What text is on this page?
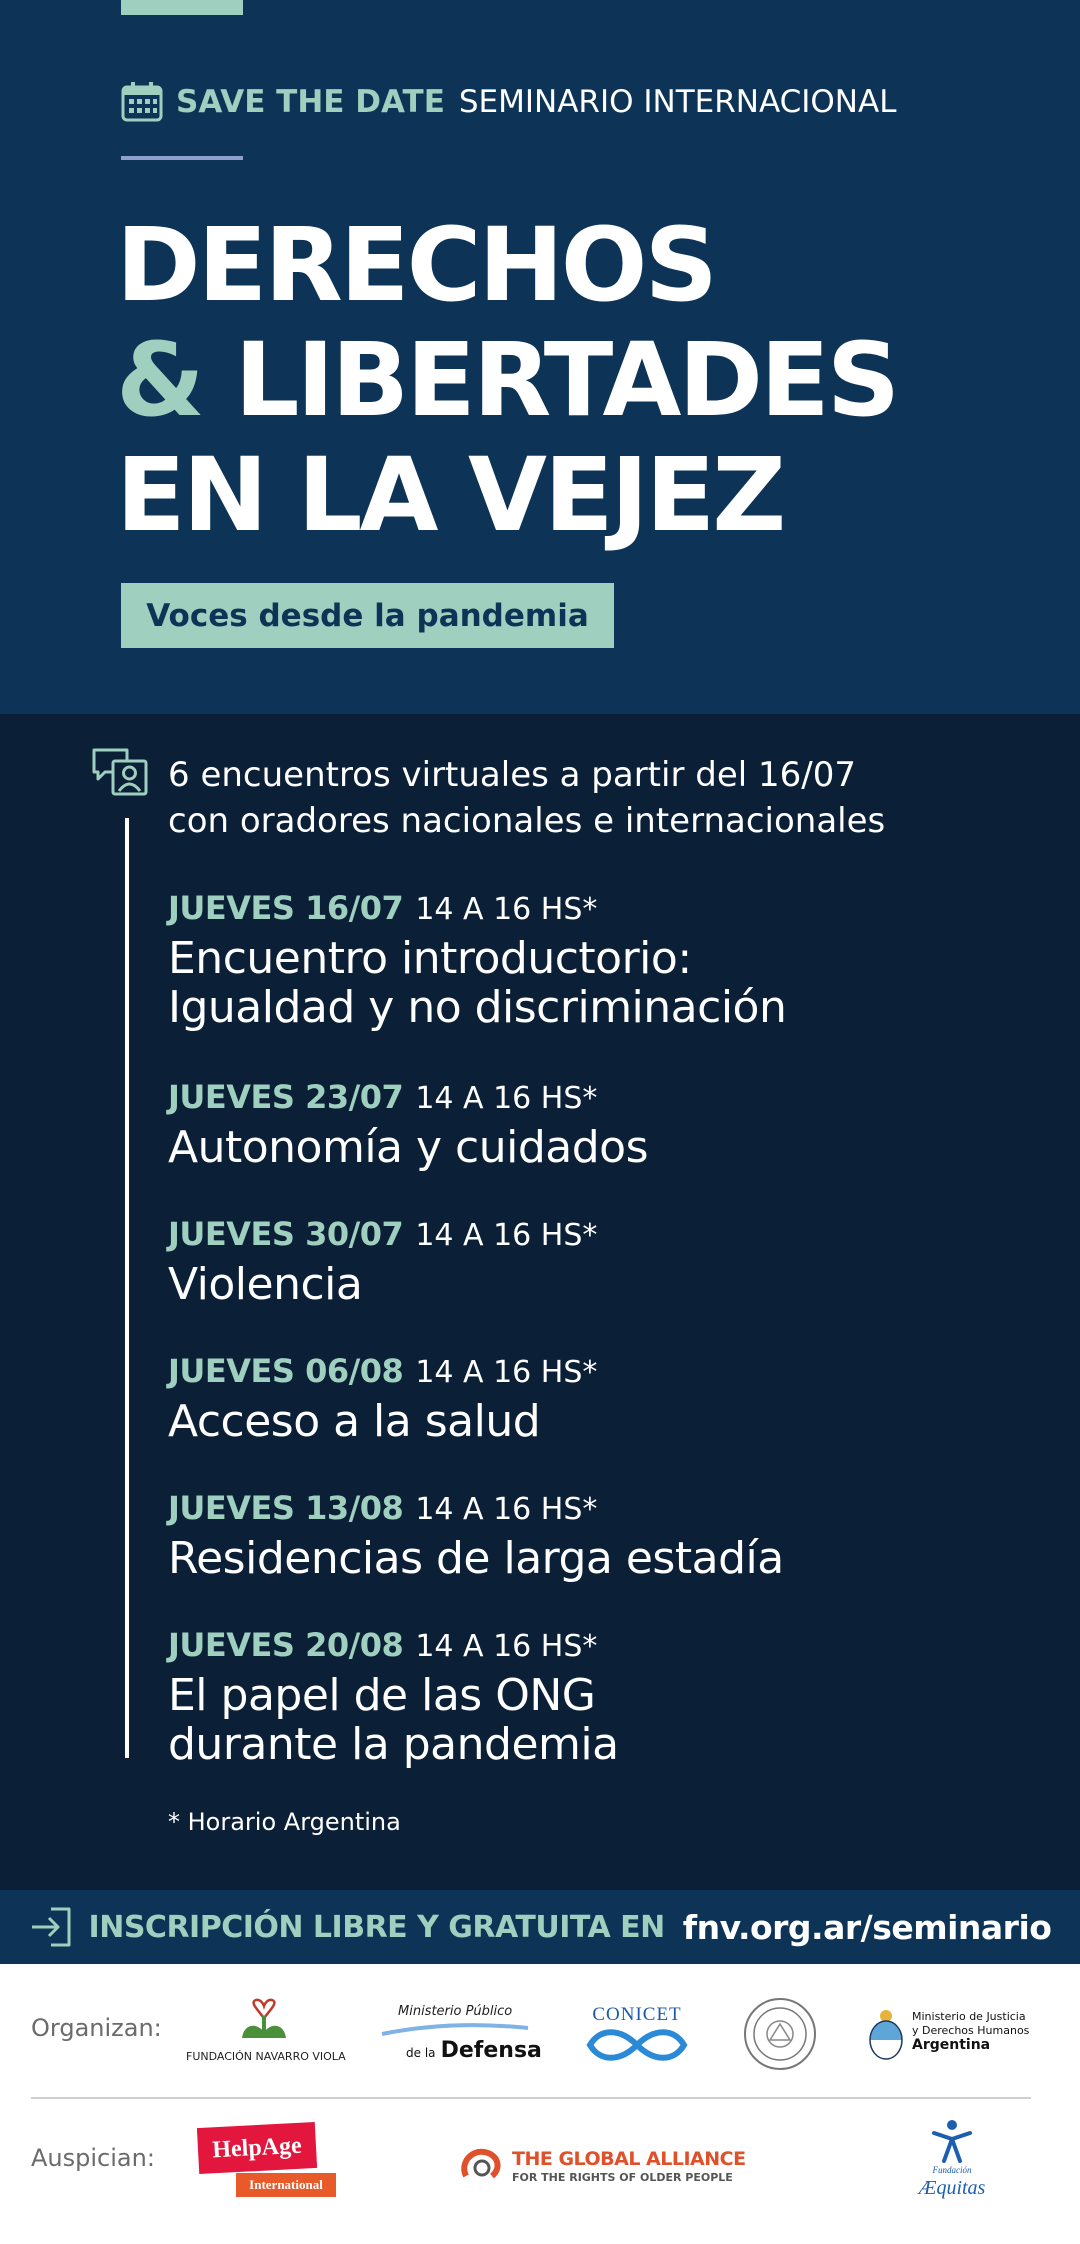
SAVE THE DATE SEMINARIO INTERNACIONAL
DERECHOS
& LIBERTADES
EN LA VEJEZ
Voces desde la pandemia
6 encuentros virtuales a partir del 16/07
con oradores nacionales e internacionales
JUEVES 16/07 14 A 16 HS*
Encuentro introductorio:
Igualdad y no discriminación
JUEVES 23/07 14 A 16 HS*
Autonomía y cuidados
JUEVES 30/07 14 A 16 HS*
Violencia
JUEVES 06/08 14 A 16 HS*
Acceso a la salud
JUEVES 13/08 14 A 16 HS*
Residencias de larga estadía
JUEVES 20/08 14 A 16 HS*
El papel de las ONG
durante la pandemia
* Horario Argentina
INSCRIPCIÓN LIBRE Y GRATUITA EN fnv.org.ar/seminario
Organizan:
FUNDACIÓN NAVARRO VIOLA
Ministerio Público
de la Defensa
CONICET	Ministerio de Justicia
y Derechos Humanos
Argentina
Auspician:	HelpAge
International
THE GLOBAL ALLIANCE
FOR THE RIGHTS OF OLDER PEOPLE
Fundación
Æquitas
